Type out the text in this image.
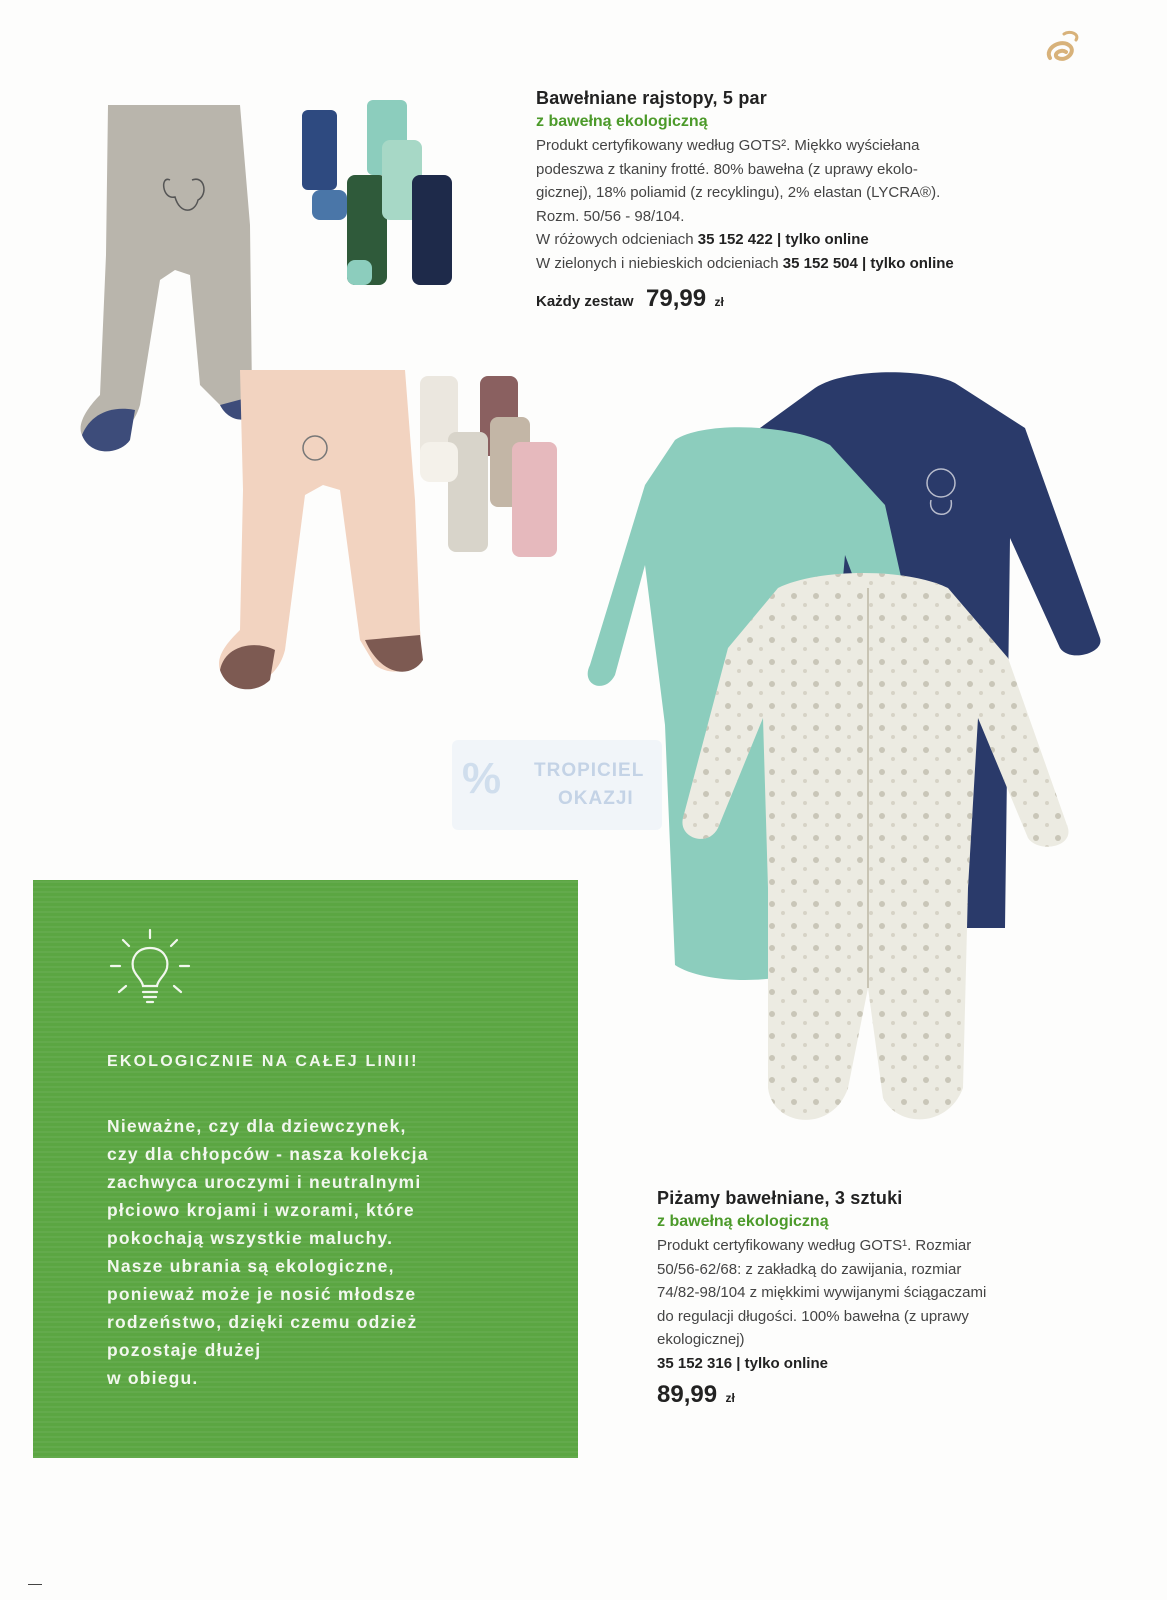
% TROPICIEL
OKAZJI
Bawełniane rajstopy, 5 par
z bawełną ekologiczną
Produkt certyfikowany według GOTS². Miękko wyściełana
podeszwa z tkaniny frotté. 80% bawełna (z uprawy ekolo-
gicznej), 18% poliamid (z recyklingu), 2% elastan (LYCRA®).
Rozm. 50/56 - 98/104.
W różowych odcieniach 35 152 422 | tylko online
W zielonych i niebieskich odcieniach 35 152 504 | tylko online
Każdy zestaw 79,99 zł
EKOLOGICZNIE NA CAŁEJ LINII!
Nieważne, czy dla dziewczynek,
czy dla chłopców - nasza kolekcja
zachwyca uroczymi i neutralnymi
płciowo krojami i wzorami, które
pokochają wszystkie maluchy.
Nasze ubrania są ekologiczne,
ponieważ może je nosić młodsze
rodzeństwo, dzięki czemu odzież
pozostaje dłużej
w obiegu.
Piżamy bawełniane, 3 sztuki
z bawełną ekologiczną
Produkt certyfikowany według GOTS¹. Rozmiar
50/56-62/68: z zakładką do zawijania, rozmiar
74/82-98/104 z miękkimi wywijanymi ściągaczami
do regulacji długości. 100% bawełna (z uprawy
ekologicznej)
35 152 316 | tylko online
89,99 zł
